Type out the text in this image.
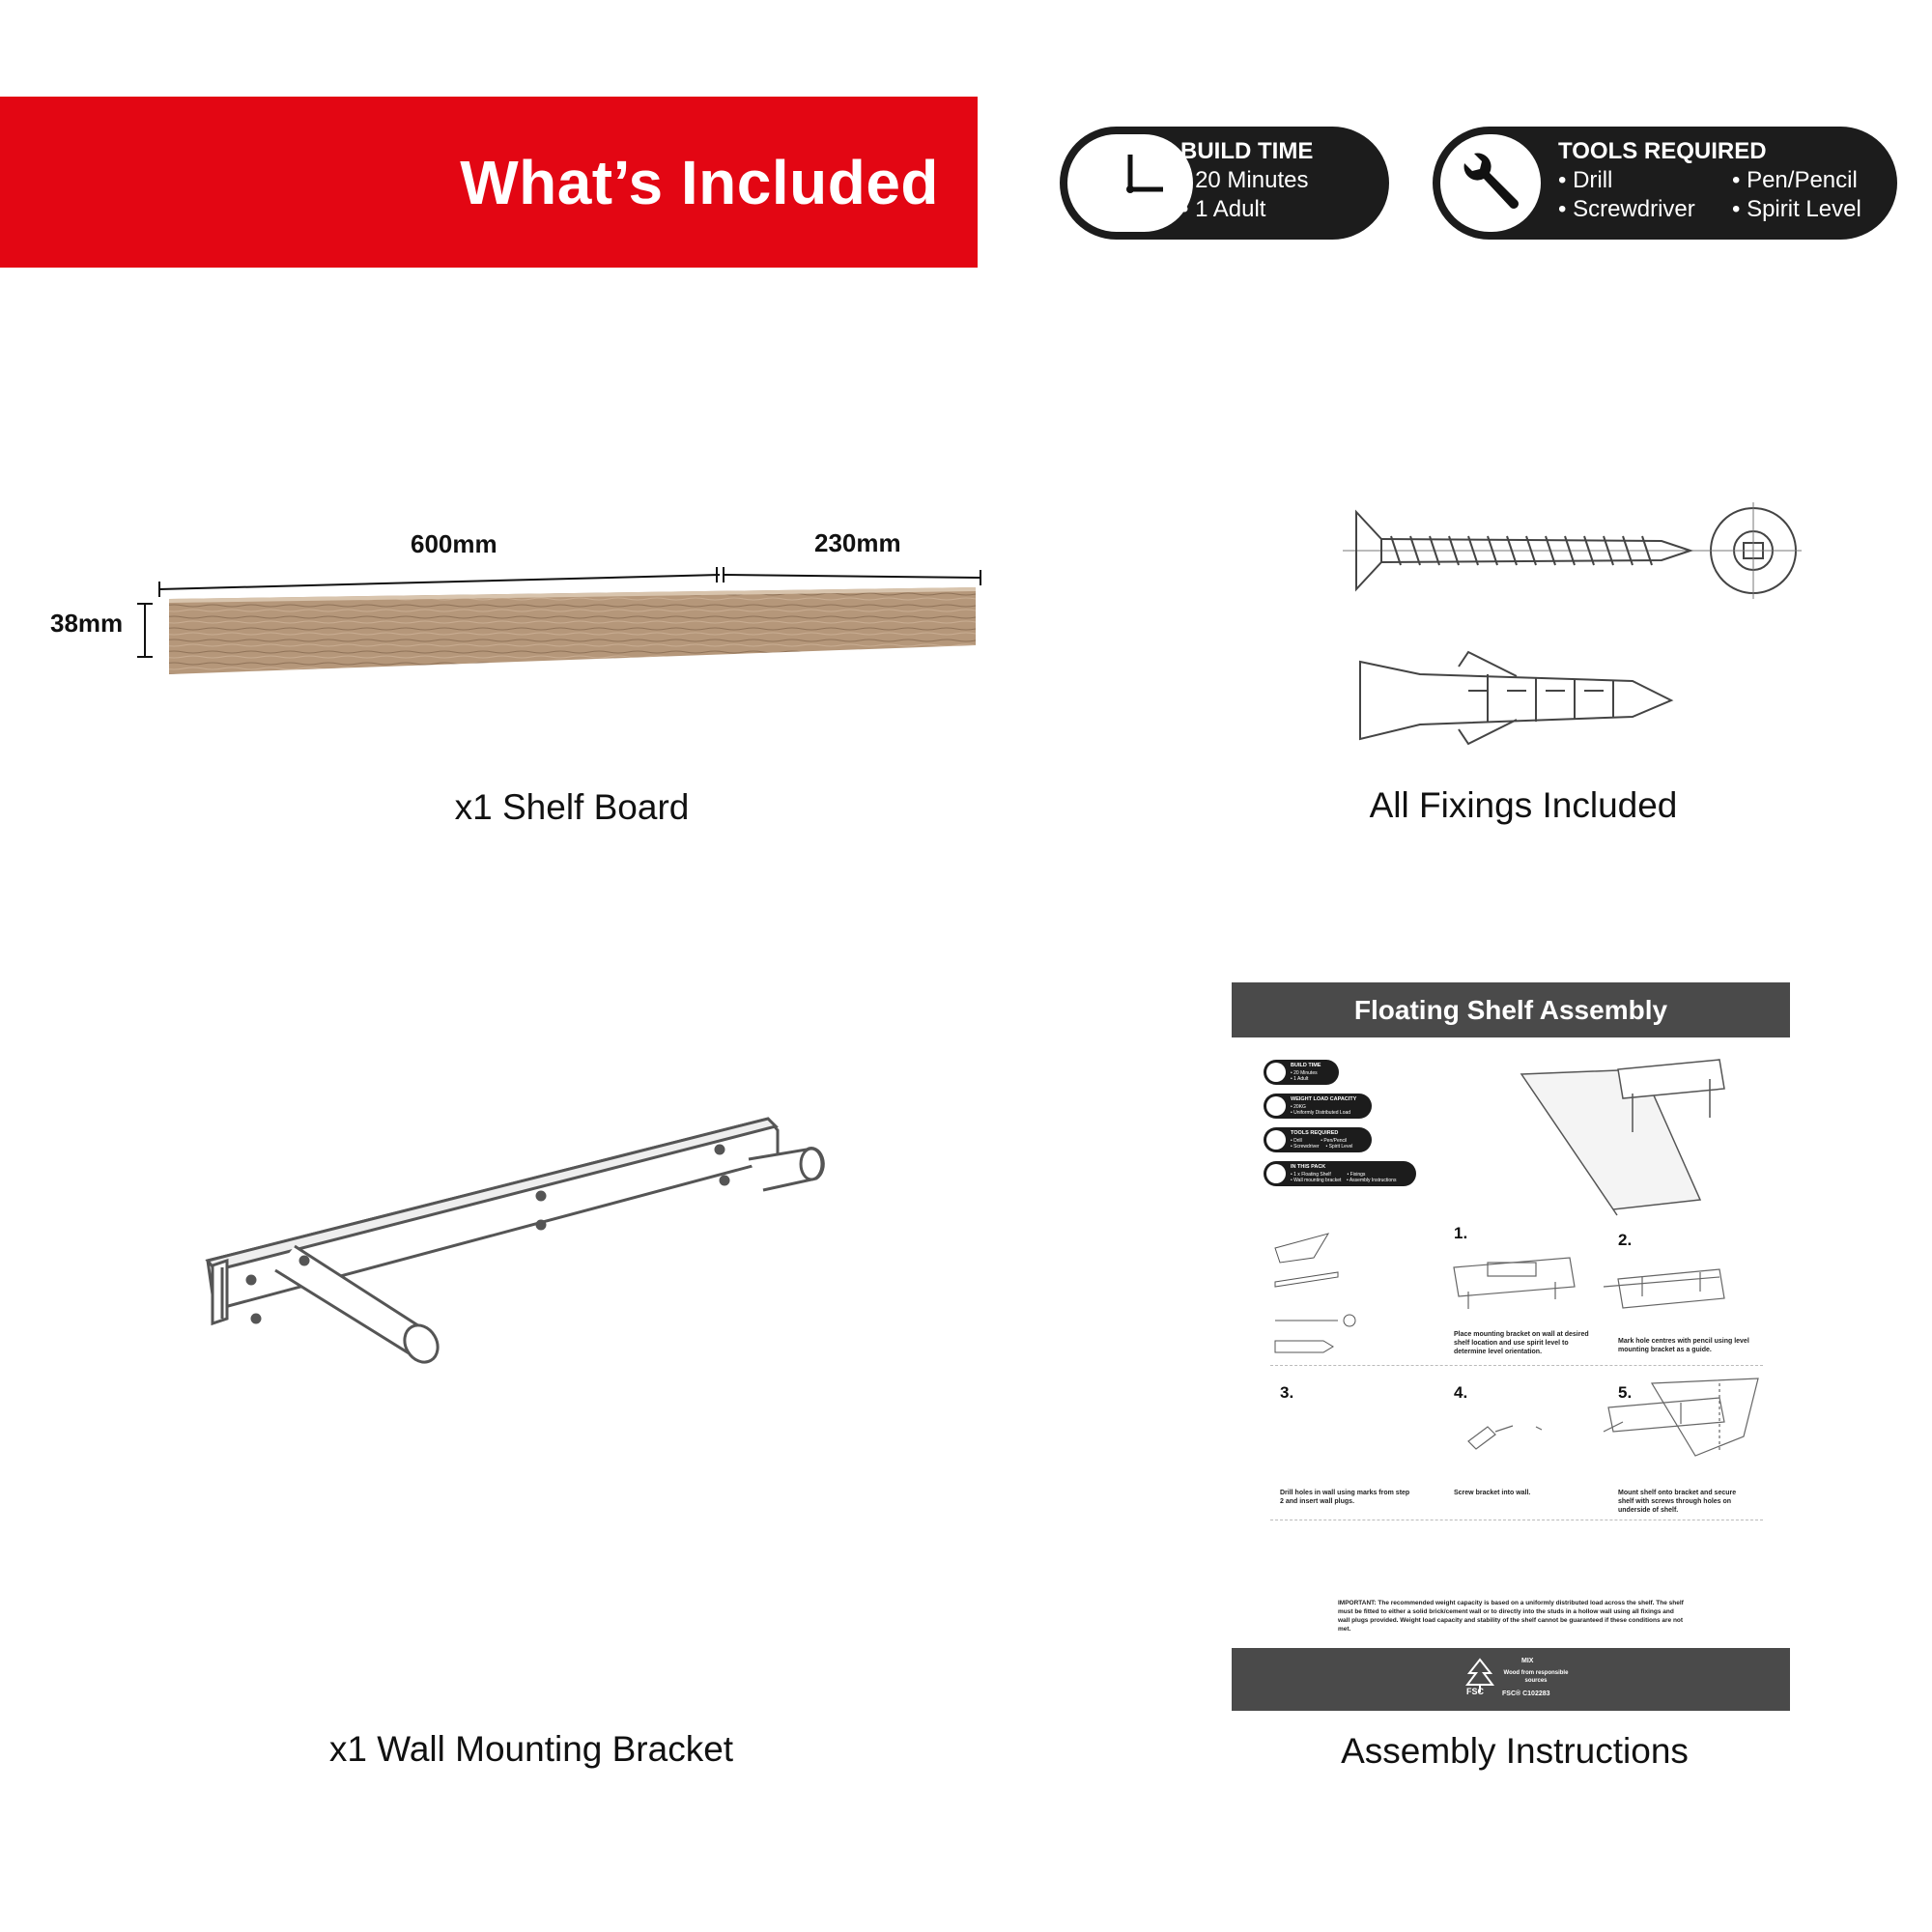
What’s Included	BUILD TIME
• 20 Minutes
• 1 Adult
TOOLS REQUIRED
• Drill	• Pen/Pencil
• Screwdriver • Spirit Level
600mm	230mm
38mm
x1 Shelf Board	All Fixings Included
x1 Wall Mounting Bracket
Floating Shelf Assembly
BUILD TIME
• 20 Minutes
• 1 Adult
WEIGHT LOAD CAPACITY
• 20KG
• Uniformly Distributed Load
TOOLS REQUIRED
• Drill              • Pen/Pencil
• Screwdriver     • Spirit Level
IN THIS PACK
• 1 x Floating Shelf            • Fixings
• Wall mounting bracket    • Assembly Instructions
1.	2.
3.	4.	5.
Place mounting bracket on wall at desired shelf location and use spirit level to determine level orientation.
Mark hole centres with pencil using level mounting bracket as a guide.
Drill holes in wall using marks from step 2 and insert wall plugs.
Screw bracket into wall.	Mount shelf onto bracket and secure shelf with screws through holes on underside of shelf.
IMPORTANT: The recommended weight capacity is based on a uniformly distributed load across the shelf. The shelf must be fitted to either a solid brick/cement wall or to directly into the studs in a hollow wall using all fixings and wall plugs provided. Weight load capacity and stability of the shelf cannot be guaranteed if these conditions are not met.
FSC
MIX
Wood from responsible sources
FSC® C102283
Assembly Instructions
